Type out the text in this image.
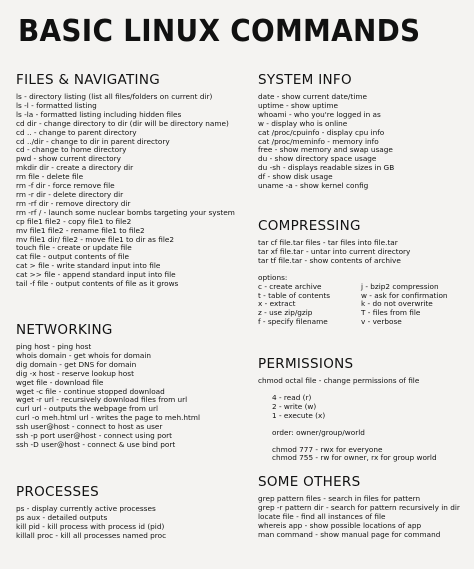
BASIC LINUX COMMANDS
FILES & NAVIGATING
ls - directory listing (list all files/folders on current dir)
ls -l - formatted listing
ls -la - formatted listing including hidden files
cd dir - change directory to dir (dir will be directory name)
cd .. - change to parent directory
cd ../dir - change to dir in parent directory
cd - change to home directory
pwd - show current directory
mkdir dir - create a directory dir
rm file - delete file
rm -f dir - force remove file
rm -r dir - delete directory dir
rm -rf dir - remove directory dir
rm -rf / - launch some nuclear bombs targeting your system
cp file1 file2 - copy file1 to file2
mv file1 file2 - rename file1 to file2
mv file1 dir/ file2 - move file1 to dir as file2
touch file - create or update file
cat file - output contents of file
cat > file - write standard input into file
cat >> file - append standard input into file
tail -f file - output contents of file as it grows
NETWORKING
ping host - ping host
whois domain - get whois for domain
dig domain - get DNS for domain
dig -x host - reserve lookup host
wget file - download file
wget -c file - continue stopped download
wget -r url - recursively download files from url
curl url - outputs the webpage from url
curl -o meh.html url - writes the page to meh.html
ssh user@host - connect to host as user
ssh -p port user@host - connect using port
ssh -D user@host - connect & use bind port
PROCESSES
ps - display currently active processes
ps aux - detailed outputs
kill pid - kill process with process id (pid)
killall proc - kill all processes named proc
SYSTEM INFO
date - show current date/time
uptime - show uptime
whoami - who you're logged in as
w - display who is online
cat /proc/cpuinfo - display cpu info
cat /proc/meminfo - memory info
free - show memory and swap usage
du - show directory space usage
du -sh - displays readable sizes in GB
df - show disk usage
uname -a - show kernel config
COMPRESSING
tar cf file.tar files - tar files into file.tar
tar xf file.tar - untar into current directory
tar tf file.tar - show contents of archive
options:
c - create archive	j - bzip2 compression
t - table of contents	w - ask for confirmation
x - extract	k - do not overwrite
z - use zip/gzip	T - files from file
f - specify filename	v - verbose
PERMISSIONS
chmod octal file - change permissions of file
4 - read (r)
2 - write (w)
1 - execute (x)
order: owner/group/world
chmod 777 - rwx for everyone
chmod 755 - rw for owner, rx for group world
SOME OTHERS
grep pattern files - search in files for pattern
grep -r pattern dir - search for pattern recursively in dir
locate file - find all instances of file
whereis app - show possible locations of app
man command - show manual page for command
